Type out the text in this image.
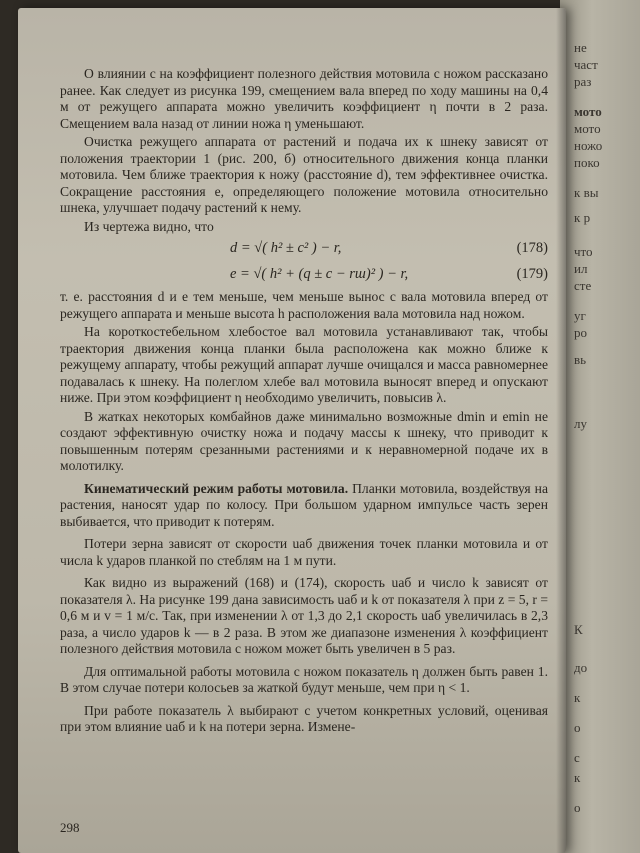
не
част
раз
мото
мото
ножо
поко
к вы
к р
что
ил
сте
уг
ро
вь
лу
К
до
к
о
с
к
о

О влиянии c на коэффициент полезного действия мотовила с ножом рассказано ранее. Как следует из рисунка 199, смещением вала вперед по ходу машины на 0,4 м от режущего аппарата можно увеличить коэффициент η почти в 2 раза. Смещением вала назад от линии ножа η уменьшают.

Очистка режущего аппарата от растений и подача их к шнеку зависят от положения траектории 1 (рис. 200, б) относительного движения конца планки мотовила. Чем ближе траектория к ножу (расстояние d), тем эффективнее очистка. Сокращение расстояния e, определяющего положение мотовила относительно шнека, улучшает подачу растений к нему.

Из чертежа видно, что

d = √( h² ± c² ) − r,	(178)
e = √( h² + (q ± c − rш)² ) − r,	(179)

т. е. расстояния d и e тем меньше, чем меньше вынос c вала мотовила вперед от режущего аппарата и меньше высота h расположения вала мотовила над ножом.

На короткостебельном хлебостое вал мотовила устанавливают так, чтобы траектория движения конца планки была расположена как можно ближе к режущему аппарату, чтобы режущий аппарат лучше очищался и масса равномернее подавалась к шнеку. На полеглом хлебе вал мотовила выносят вперед и опускают ниже. При этом коэффициент η необходимо увеличить, повысив λ.

В жатках некоторых комбайнов даже минимально возможные dmin и emin не создают эффективную очистку ножа и подачу массы к шнеку, что приводит к повышенным потерям срезанными растениями и к неравномерной подаче их в молотилку.

Кинематический режим работы мотовила. Планки мотовила, воздействуя на растения, наносят удар по колосу. При большом ударном импульсе часть зерен выбивается, что приводит к потерям.

Потери зерна зависят от скорости uаб движения точек планки мотовила и от числа k ударов планкой по стеблям на 1 м пути.

Как видно из выражений (168) и (174), скорость uаб и число k зависят от показателя λ. На рисунке 199 дана зависимость uаб и k от показателя λ при z = 5, r = 0,6 м и v = 1 м/с. Так, при изменении λ от 1,3 до 2,1 скорость uаб увеличилась в 2,3 раза, а число ударов k — в 2 раза. В этом же диапазоне изменения λ коэффициент полезного действия мотовила с ножом может быть увеличен в 5 раз.

Для оптимальной работы мотовила с ножом показатель η должен быть равен 1. В этом случае потери колосьев за жаткой будут меньше, чем при η < 1.

При работе показатель λ выбирают с учетом конкретных условий, оценивая при этом влияние uаб и k на потери зерна. Измене-

298
